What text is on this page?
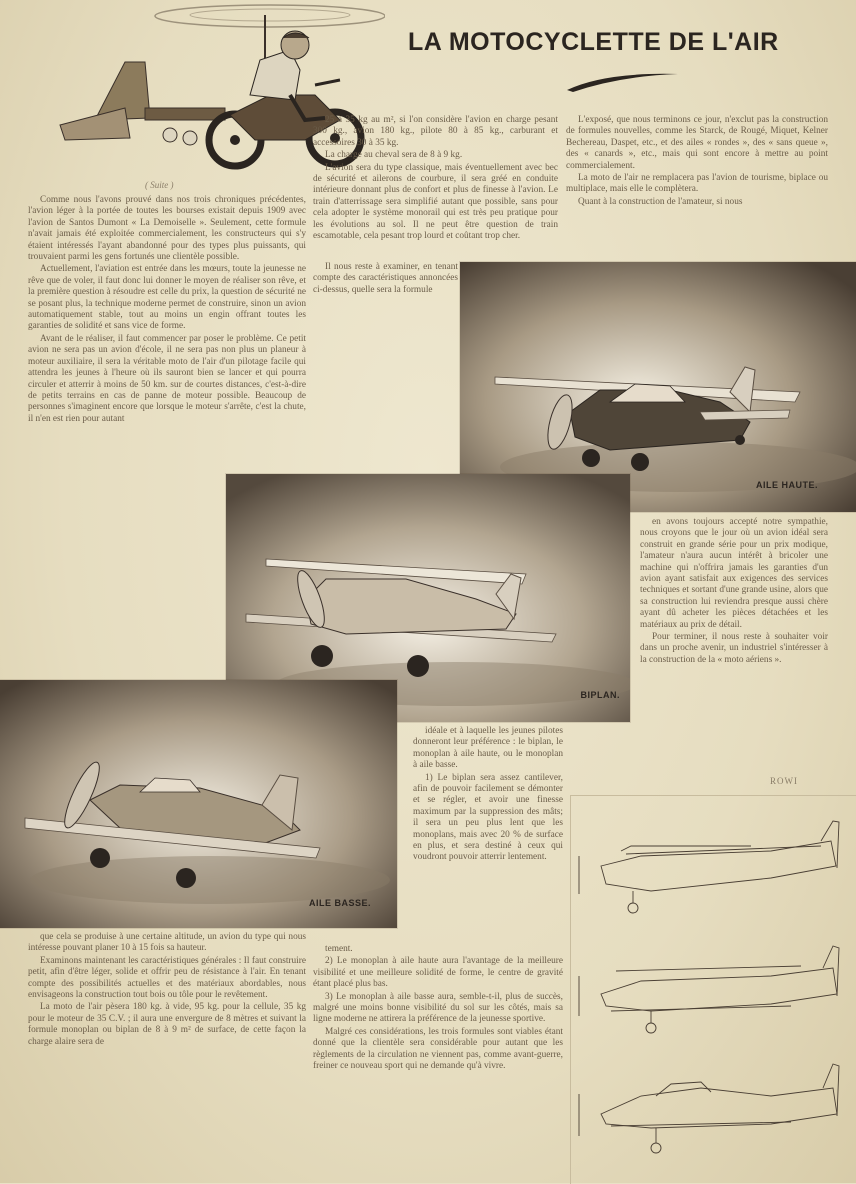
( Suite )
LA MOTOCYCLETTE DE L'AIR

Comme nous l'avons prouvé dans nos trois chroniques précédentes, l'avion léger à la portée de toutes les bourses existait depuis 1909 avec l'avion de Santos Dumont « La Demoiselle ». Seulement, cette formule n'avait jamais été exploitée commercialement, les constructeurs qui s'y étaient intéressés l'ayant abandonné pour des types plus puissants, qui trouvaient parmi les gens fortunés une clientèle possible.

Actuellement, l'aviation est entrée dans les mœurs, toute la jeunesse ne rêve que de voler, il faut donc lui donner le moyen de réaliser son rêve, et la première question à résoudre est celle du prix, la question de sécurité ne se posant plus, la technique moderne permet de construire, sinon un avion automatiquement stable, tout au moins un engin offrant toutes les garanties de solidité et sans vice de forme.

Avant de le réaliser, il faut commencer par poser le problème. Ce petit avion ne sera pas un avion d'école, il ne sera pas non plus un planeur à moteur auxiliaire, il sera la véritable moto de l'air d'un pilotage facile qui attendra les jeunes à l'heure où ils sauront bien se lancer et qui pourra circuler et atterrir à moins de 50 km. sur de courtes distances, c'est-à-dire de petits terrains en cas de panne de moteur possible. Beaucoup de personnes s'imaginent encore que lorsque le moteur s'arrête, c'est la chute, il n'en est rien pour autant

25 à 35 kg au m², si l'on considère l'avion en charge pesant 300 kg., avion 180 kg., pilote 80 à 85 kg., carburant et accessoires 30 à 35 kg.

La charge au cheval sera de 8 à 9 kg.

L'avion sera du type classique, mais éventuellement avec bec de sécurité et ailerons de courbure, il sera gréé en conduite intérieure donnant plus de confort et plus de finesse à l'avion. Le train d'atterrissage sera simplifié autant que possible, sans pour cela adopter le système monorail qui est très peu pratique pour les évolutions au sol. Il ne peut être question de train escamotable, cela pesant trop lourd et coûtant trop cher.

Il nous reste à examiner, en tenant compte des caractéristiques annoncées ci-dessus, quelle sera la formule

L'exposé, que nous terminons ce jour, n'exclut pas la construction de formules nouvelles, comme les Starck, de Rougé, Miquet, Kelner Bechereau, Daspet, etc., et des ailes « rondes », des « sans queue », des « canards », etc., mais qui sont encore à mettre au point commercialement.

La moto de l'air ne remplacera pas l'avion de tourisme, biplace ou multiplace, mais elle le complètera.

Quant à la construction de l'amateur, si nous

AILE HAUTE.

en avons toujours accepté notre sympathie, nous croyons que le jour où un avion idéal sera construit en grande série pour un prix modique, l'amateur n'aura aucun intérêt à bricoler une machine qui n'offrira jamais les garanties d'un avion ayant satisfait aux exigences des services techniques et sortant d'une grande usine, alors que sa construction lui reviendra presque aussi chère ayant dû acheter les pièces détachées et les matériaux au prix de détail.

Pour terminer, il nous reste à souhaiter voir dans un proche avenir, un industriel s'intéresser à la construction de la « moto aériens ».

ROWI
BIPLAN.

idéale et à laquelle les jeunes pilotes donneront leur préférence : le biplan, le monoplan à aile haute, ou le monoplan à aile basse.

1) Le biplan sera assez cantilever, afin de pouvoir facilement se démonter et se régler, et avoir une finesse maximum par la suppression des mâts; il sera un peu plus lent que les monoplans, mais avec 20 % de surface en plus, et sera destiné à ceux qui voudront pouvoir atterrir lentement.

AILE BASSE.

que cela se produise à une certaine altitude, un avion du type qui nous intéresse pouvant planer 10 à 15 fois sa hauteur.

Examinons maintenant les caractéristiques générales : Il faut construire petit, afin d'être léger, solide et offrir peu de résistance à l'air. En tenant compte des possibilités actuelles et des matériaux abordables, nous envisageons la construction tout bois ou tôle pour le revêtement.

La moto de l'air pèsera 180 kg. à vide, 95 kg. pour la cellule, 35 kg pour le moteur de 35 C.V. ; il aura une envergure de 8 mètres et suivant la formule monoplan ou biplan de 8 à 9 m² de surface, de cette façon la charge alaire sera de

tement.

2) Le monoplan à aile haute aura l'avantage de la meilleure visibilité et une meilleure solidité de forme, le centre de gravité étant placé plus bas.

3) Le monoplan à aile basse aura, semble-t-il, plus de succès, malgré une moins bonne visibilité du sol sur les côtés, mais sa ligne moderne ne attirera la préférence de la jeunesse sportive.

Malgré ces considérations, les trois formules sont viables étant donné que la clientèle sera considérable pour autant que les règlements de la circulation ne viennent pas, comme avant-guerre, freiner ce nouveau sport qui ne demande qu'à vivre.
